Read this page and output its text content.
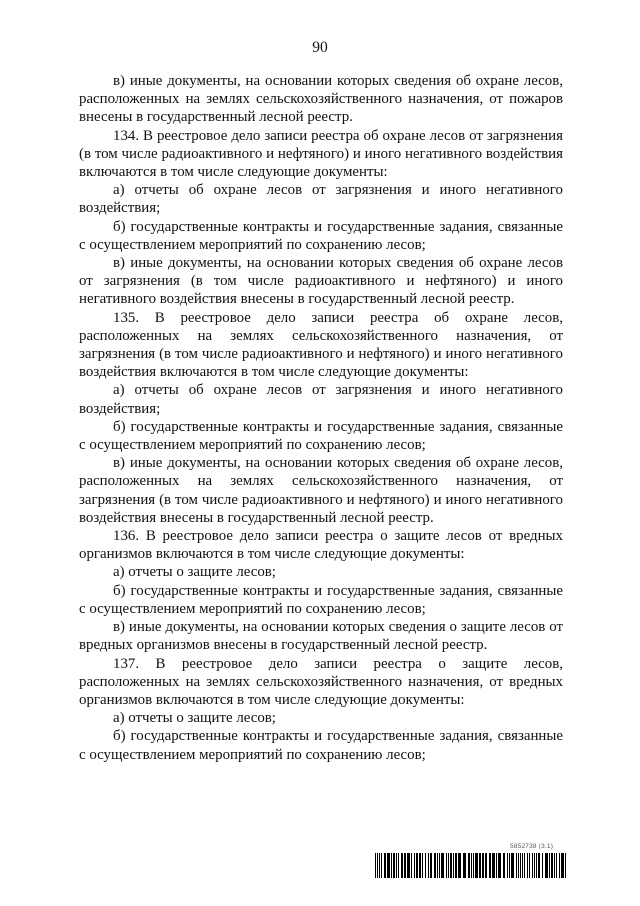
90

в) иные документы, на основании которых сведения об охране лесов, расположенных на землях сельскохозяйственного назначения, от пожаров внесены в государственный лесной реестр.

134. В реестровое дело записи реестра об охране лесов от загрязнения (в том числе радиоактивного и нефтяного) и иного негативного воздействия включаются в том числе следующие документы:

а) отчеты об охране лесов от загрязнения и иного негативного воздействия;

б) государственные контракты и государственные задания, связанные с осуществлением мероприятий по сохранению лесов;

в) иные документы, на основании которых сведения об охране лесов от загрязнения (в том числе радиоактивного и нефтяного) и иного негативного воздействия внесены в государственный лесной реестр.

135. В реестровое дело записи реестра об охране лесов, расположенных на землях сельскохозяйственного назначения, от загрязнения (в том числе радиоактивного и нефтяного) и иного негативного воздействия включаются в том числе следующие документы:

а) отчеты об охране лесов от загрязнения и иного негативного воздействия;

б) государственные контракты и государственные задания, связанные с осуществлением мероприятий по сохранению лесов;

в) иные документы, на основании которых сведения об охране лесов, расположенных на землях сельскохозяйственного назначения, от загрязнения (в том числе радиоактивного и нефтяного) и иного негативного воздействия внесены в государственный лесной реестр.

136. В реестровое дело записи реестра о защите лесов от вредных организмов включаются в том числе следующие документы:

а) отчеты о защите лесов;

б) государственные контракты и государственные задания, связанные с осуществлением мероприятий по сохранению лесов;

в) иные документы, на основании которых сведения о защите лесов от вредных организмов внесены в государственный лесной реестр.

137. В реестровое дело записи реестра о защите лесов, расположенных на землях сельскохозяйственного назначения, от вредных организмов включаются в том числе следующие документы:

а) отчеты о защите лесов;

б) государственные контракты и государственные задания, связанные с осуществлением мероприятий по сохранению лесов;

5852738 (3.1)
